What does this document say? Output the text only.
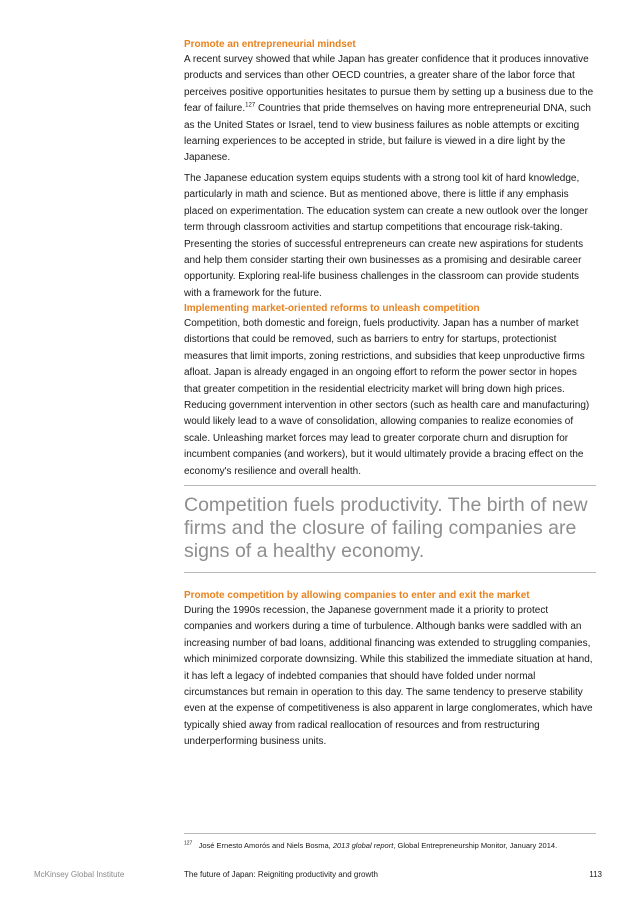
Promote an entrepreneurial mindset

A recent survey showed that while Japan has greater confidence that it produces innovative products and services than other OECD countries, a greater share of the labor force that perceives positive opportunities hesitates to pursue them by setting up a business due to the fear of failure.$^{127}$ Countries that pride themselves on having more entrepreneurial DNA, such as the United States or Israel, tend to view business failures as noble attempts or exciting learning experiences to be accepted in stride, but failure is viewed in a dire light by the Japanese.

The Japanese education system equips students with a strong tool kit of hard knowledge, particularly in math and science. But as mentioned above, there is little if any emphasis placed on experimentation. The education system can create a new outlook over the longer term through classroom activities and startup competitions that encourage risk-taking. Presenting the stories of successful entrepreneurs can create new aspirations for students and help them consider starting their own businesses as a promising and desirable career opportunity. Exploring real-life business challenges in the classroom can provide students with a framework for the future.

Implementing market-oriented reforms to unleash competition

Competition, both domestic and foreign, fuels productivity. Japan has a number of market distortions that could be removed, such as barriers to entry for startups, protectionist measures that limit imports, zoning restrictions, and subsidies that keep unproductive firms afloat. Japan is already engaged in an ongoing effort to reform the power sector in hopes that greater competition in the residential electricity market will bring down high prices. Reducing government intervention in other sectors (such as health care and manufacturing) would likely lead to a wave of consolidation, allowing companies to realize economies of scale. Unleashing market forces may lead to greater corporate churn and disruption for incumbent companies (and workers), but it would ultimately provide a bracing effect on the economy's resilience and overall health.

Competition fuels productivity. The birth of new firms and the closure of failing companies are signs of a healthy economy.

Promote competition by allowing companies to enter and exit the market

During the 1990s recession, the Japanese government made it a priority to protect companies and workers during a time of turbulence. Although banks were saddled with an increasing number of bad loans, additional financing was extended to struggling companies, which minimized corporate downsizing. While this stabilized the immediate situation at hand, it has left a legacy of indebted companies that should have folded under normal circumstances but remain in operation to this day. The same tendency to preserve stability even at the expense of competitiveness is also apparent in large conglomerates, which have typically shied away from radical reallocation of resources and from restructuring underperforming business units.

$^{127}$ José Ernesto Amorós and Niels Bosma, 2013 global report, Global Entrepreneurship Monitor, January 2014.

McKinsey Global Institute	The future of Japan: Reigniting productivity and growth	113
